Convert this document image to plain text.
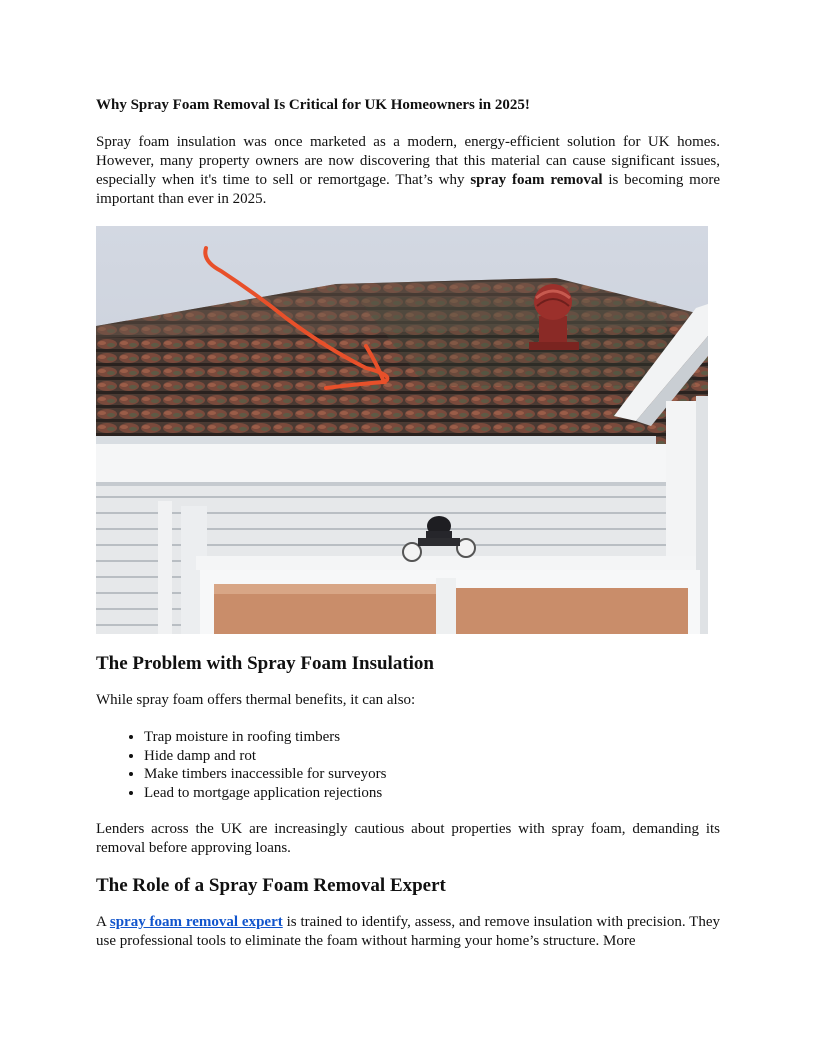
Why Spray Foam Removal Is Critical for UK Homeowners in 2025!

Spray foam insulation was once marketed as a modern, energy-efficient solution for UK homes. However, many property owners are now discovering that this material can cause significant issues, especially when it's time to sell or remortgage. That’s why spray foam removal is becoming more important than ever in 2025.

The Problem with Spray Foam Insulation

While spray foam offers thermal benefits, it can also:

• Trap moisture in roofing timbers
• Hide damp and rot
• Make timbers inaccessible for surveyors
• Lead to mortgage application rejections

Lenders across the UK are increasingly cautious about properties with spray foam, demanding its removal before approving loans.

The Role of a Spray Foam Removal Expert

A spray foam removal expert is trained to identify, assess, and remove insulation with precision. They use professional tools to eliminate the foam without harming your home’s structure. More
